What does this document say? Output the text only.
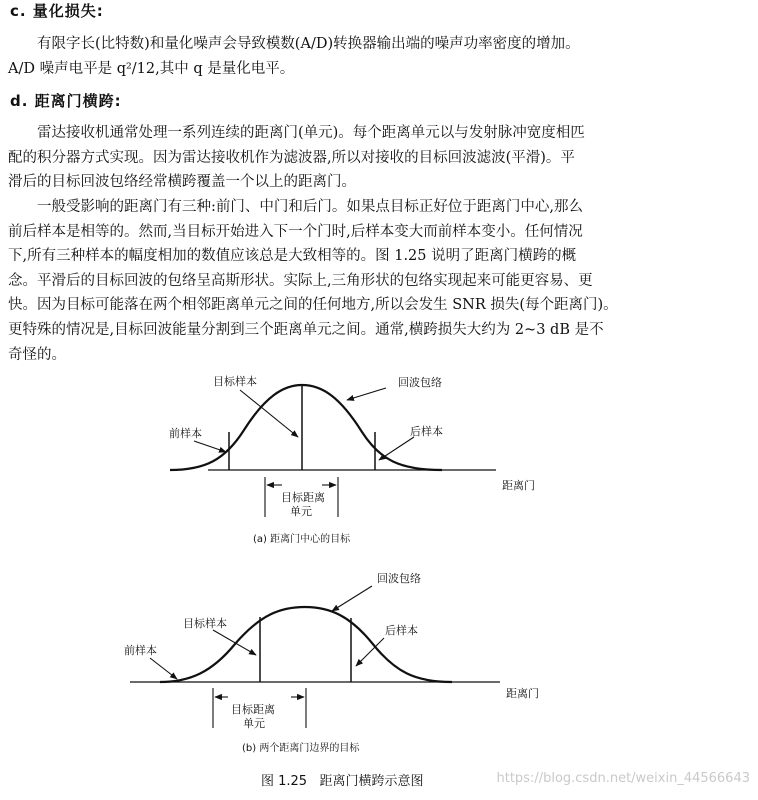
c. 量化损失:
有限字长(比特数)和量化噪声会导致模数(A/D)转换器输出端的噪声功率密度的增加。
A/D 噪声电平是 q²/12,其中 q 是量化电平。
d. 距离门横跨:
雷达接收机通常处理一系列连续的距离门(单元)。每个距离单元以与发射脉冲宽度相匹
配的积分器方式实现。因为雷达接收机作为滤波器,所以对接收的目标回波滤波(平滑)。平
滑后的目标回波包络经常横跨覆盖一个以上的距离门。
一般受影响的距离门有三种:前门、中门和后门。如果点目标正好位于距离门中心,那么
前后样本是相等的。然而,当目标开始进入下一个门时,后样本变大而前样本变小。任何情况
下,所有三种样本的幅度相加的数值应该总是大致相等的。图 1.25 说明了距离门横跨的概
念。平滑后的目标回波的包络呈高斯形状。实际上,三角形状的包络实现起来可能更容易、更
快。因为目标可能落在两个相邻距离单元之间的任何地方,所以会发生 SNR 损失(每个距离门)。
更特殊的情况是,目标回波能量分割到三个距离单元之间。通常,横跨损失大约为 2~3 dB 是不
奇怪的。
目标样本	回波包络
前样本	后样本
目标距离
单元
距离门
(a) 距离门中心的目标
回波包络
目标样本
后样本
前样本
目标距离
单元
距离门
(b) 两个距离门边界的目标
图 1.25   距离门横跨示意图	https://blog.csdn.net/weixin_44566643
